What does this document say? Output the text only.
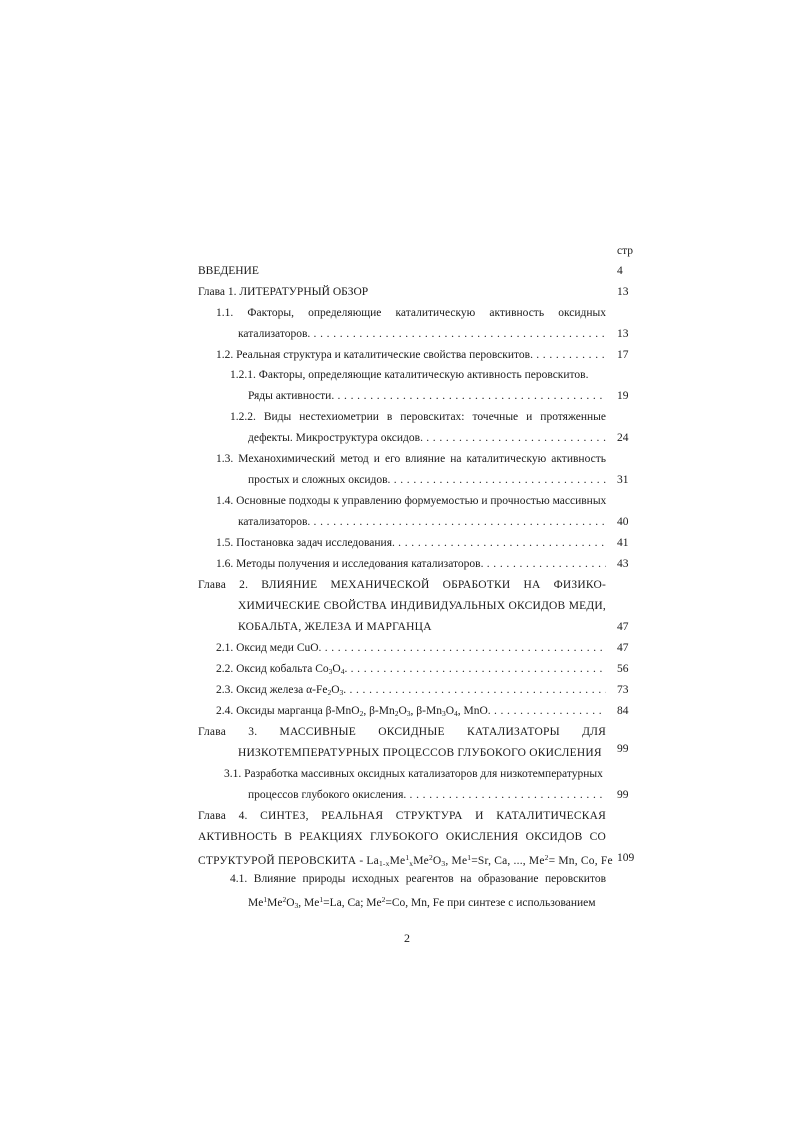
стр
ВВЕДЕНИЕ	4
Глава 1. ЛИТЕРАТУРНЫЙ ОБЗОР	13
1.1. Факторы, определяющие каталитическую активность оксидных
катализаторов. . . .	13
1.2. Реальная структура и каталитические свойства перовскитов. . . .	17
1.2.1. Факторы, определяющие каталитическую активность перовскитов.
Ряды активности. . . .	19
1.2.2. Виды нестехиометрии в перовскитах: точечные и протяженные
дефекты. Микроструктура оксидов. . . .	24
1.3. Механохимический метод и его влияние на каталитическую активность
простых и сложных оксидов. . . .	31
1.4. Основные подходы к управлению формуемостью и прочностью массивных
катализаторов. . . .	40
1.5. Постановка задач исследования. . . .	41
1.6. Методы получения и исследования катализаторов. . . .	43
Глава 2. ВЛИЯНИЕ МЕХАНИЧЕСКОЙ ОБРАБОТКИ НА ФИЗИКО-
ХИМИЧЕСКИЕ СВОЙСТВА ИНДИВИДУАЛЬНЫХ ОКСИДОВ МЕДИ,
КОБАЛЬТА, ЖЕЛЕЗА И МАРГАНЦА	47
2.1. Оксид меди CuO. . . .	47
2.2. Оксид кобальта $Co_3O_4$. . . .	56
2.3. Оксид железа $\alpha-Fe_2O_3$. . . .	73
2.4. Оксиды марганца β-MnO$_2$, $\beta-Mn_2O_3$, $\beta-Mn_3O_4$, MnO. . . .	84
Глава 3. МАССИВНЫЕ ОКСИДНЫЕ КАТАЛИЗАТОРЫ ДЛЯ
НИЗКОТЕМПЕРАТУРНЫХ ПРОЦЕССОВ ГЛУБОКОГО ОКИСЛЕНИЯ	99
3.1. Разработка массивных оксидных катализаторов для низкотемпературных
процессов глубокого окисления. . . .	99
Глава 4. СИНТЕЗ, РЕАЛЬНАЯ СТРУКТУРА И КАТАЛИТИЧЕСКАЯ
АКТИВНОСТЬ В РЕАКЦИЯХ ГЛУБОКОГО ОКИСЛЕНИЯ ОКСИДОВ СО
СТРУКТУРОЙ ПЕРОВСКИТА - $La_{1-x}Me^1_xMe^2O_3$, $Me^1=Sr$, Ca, ..., $Me^2= Mn$, Co, Fe 109
4.1. Влияние природы исходных реагентов на образование перовскитов
$Me^1Me^2O_3$, $Me^1=La$, Ca; $Me^2=Co$, Mn, Fe при синтезе с использованием
2
